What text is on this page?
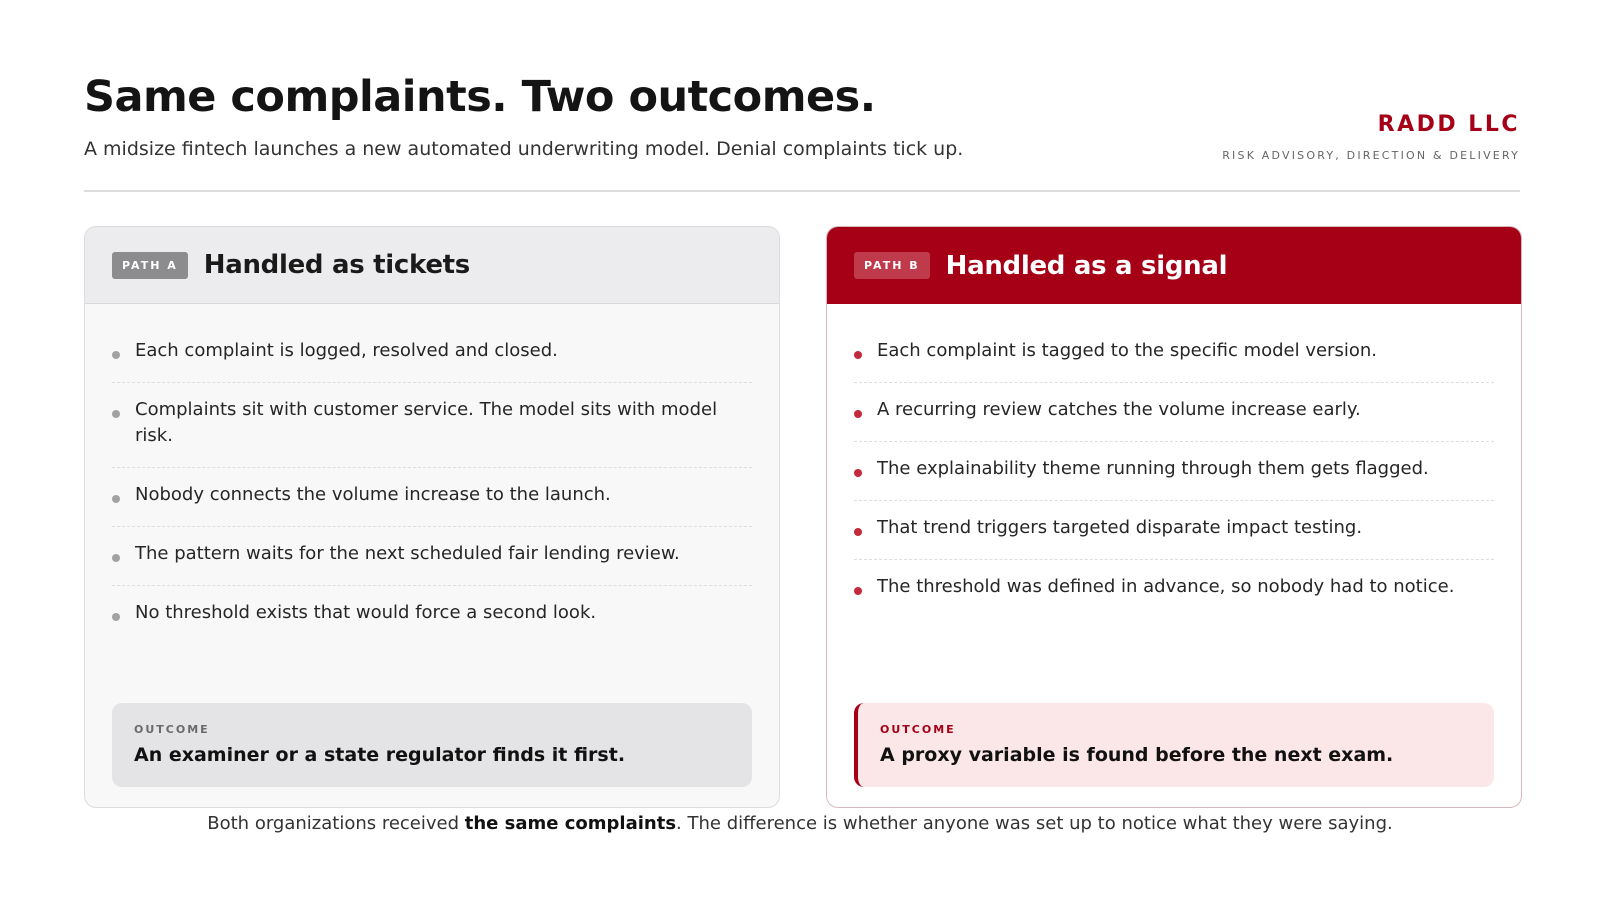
Same complaints. Two outcomes.
A midsize fintech launches a new automated underwriting model. Denial complaints tick up.
RADD LLC
RISK ADVISORY, DIRECTION & DELIVERY
PATH A	Handled as tickets
Each complaint is logged, resolved and closed.
Complaints sit with customer service. The model sits with model risk.
Nobody connects the volume increase to the launch.
The pattern waits for the next scheduled fair lending review.
No threshold exists that would force a second look.
OUTCOME
An examiner or a state regulator finds it first.
PATH B	Handled as a signal
Each complaint is tagged to the specific model version.
A recurring review catches the volume increase early.
The explainability theme running through them gets flagged.
That trend triggers targeted disparate impact testing.
The threshold was defined in advance, so nobody had to notice.
OUTCOME
A proxy variable is found before the next exam.
Both organizations received the same complaints. The difference is whether anyone was set up to notice what they were saying.
